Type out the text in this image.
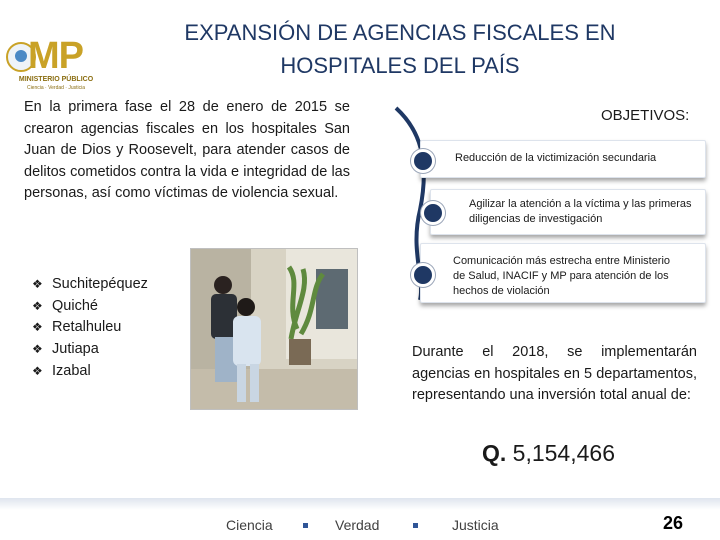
MP
MINISTERIO PÚBLICO
Ciencia · Verdad · Justicia
EXPANSIÓN DE AGENCIAS FISCALES EN
HOSPITALES DEL PAÍS
En la primera fase el 28 de enero de 2015 se crearon agencias fiscales en los hospitales San Juan de Dios y Roosevelt, para atender casos de delitos cometidos contra la vida e integridad de las personas, así como víctimas de violencia sexual.
❖ Suchitepéquez
❖ Quiché
❖ Retalhuleu
❖ Jutiapa
❖ Izabal
OBJETIVOS:
Reducción de la victimización secundaria
Agilizar la atención a la víctima y las primeras diligencias de investigación
Comunicación más estrecha entre Ministerio de Salud, INACIF y MP para atención de los hechos de violación
Durante el 2018, se implementarán agencias en hospitales en 5 departamentos, representando una inversión total anual de:
Q. 5,154,466
Ciencia	Verdad	Justicia	26
